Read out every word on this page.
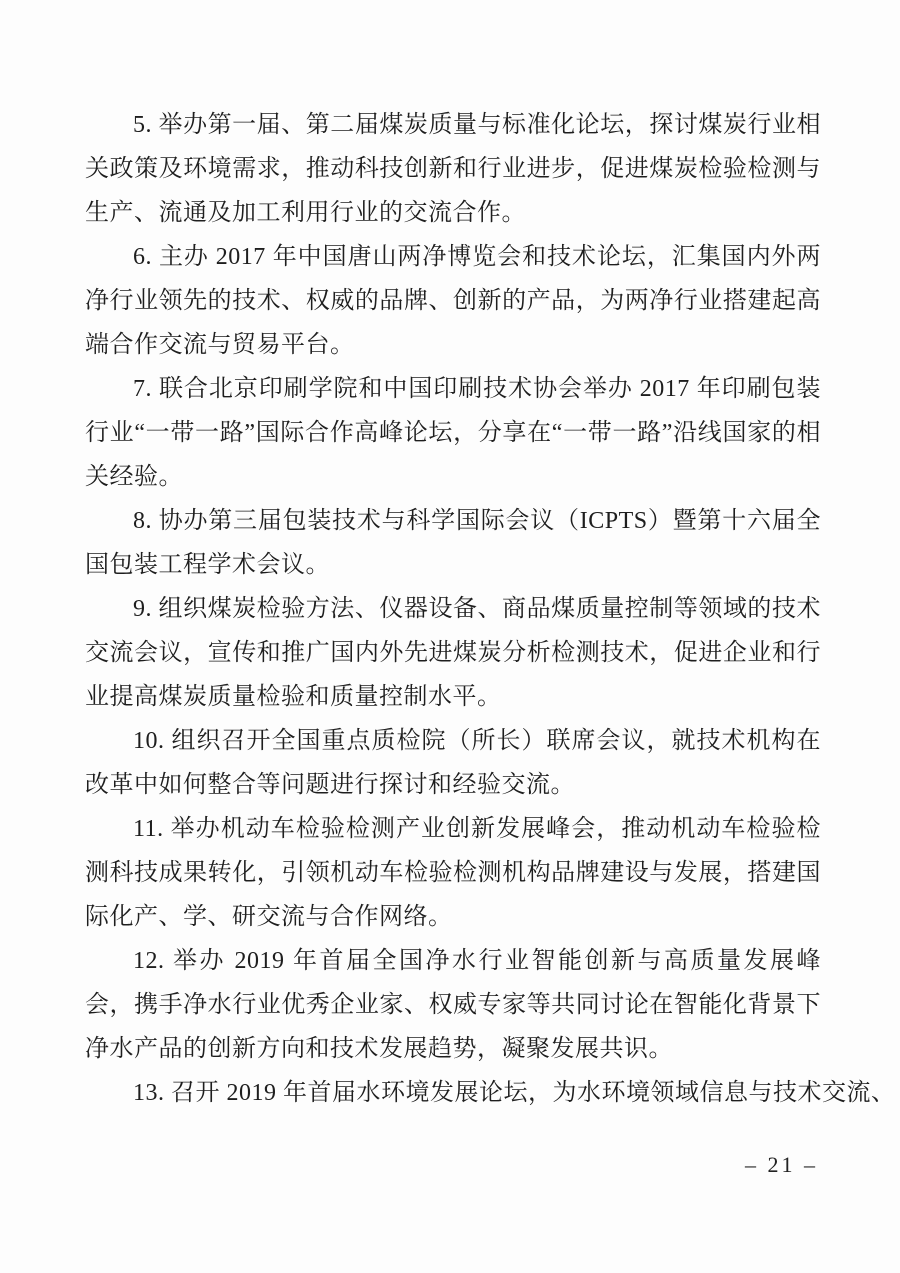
5. 举办第一届、第二届煤炭质量与标准化论坛，探讨煤炭行业相关政策及环境需求，推动科技创新和行业进步，促进煤炭检验检测与生产、流通及加工利用行业的交流合作。

6. 主办 2017 年中国唐山两净博览会和技术论坛，汇集国内外两净行业领先的技术、权威的品牌、创新的产品，为两净行业搭建起高端合作交流与贸易平台。

7. 联合北京印刷学院和中国印刷技术协会举办 2017 年印刷包装行业“一带一路”国际合作高峰论坛，分享在“一带一路”沿线国家的相关经验。

8. 协办第三届包装技术与科学国际会议（ICPTS）暨第十六届全国包装工程学术会议。

9. 组织煤炭检验方法、仪器设备、商品煤质量控制等领域的技术交流会议，宣传和推广国内外先进煤炭分析检测技术，促进企业和行业提高煤炭质量检验和质量控制水平。

10. 组织召开全国重点质检院（所长）联席会议，就技术机构在改革中如何整合等问题进行探讨和经验交流。

11. 举办机动车检验检测产业创新发展峰会，推动机动车检验检测科技成果转化，引领机动车检验检测机构品牌建设与发展，搭建国际化产、学、研交流与合作网络。

12. 举办 2019 年首届全国净水行业智能创新与高质量发展峰会，携手净水行业优秀企业家、权威专家等共同讨论在智能化背景下净水产品的创新方向和技术发展趋势，凝聚发展共识。

13. 召开 2019 年首届水环境发展论坛，为水环境领域信息与技术交流、

– 21 –
